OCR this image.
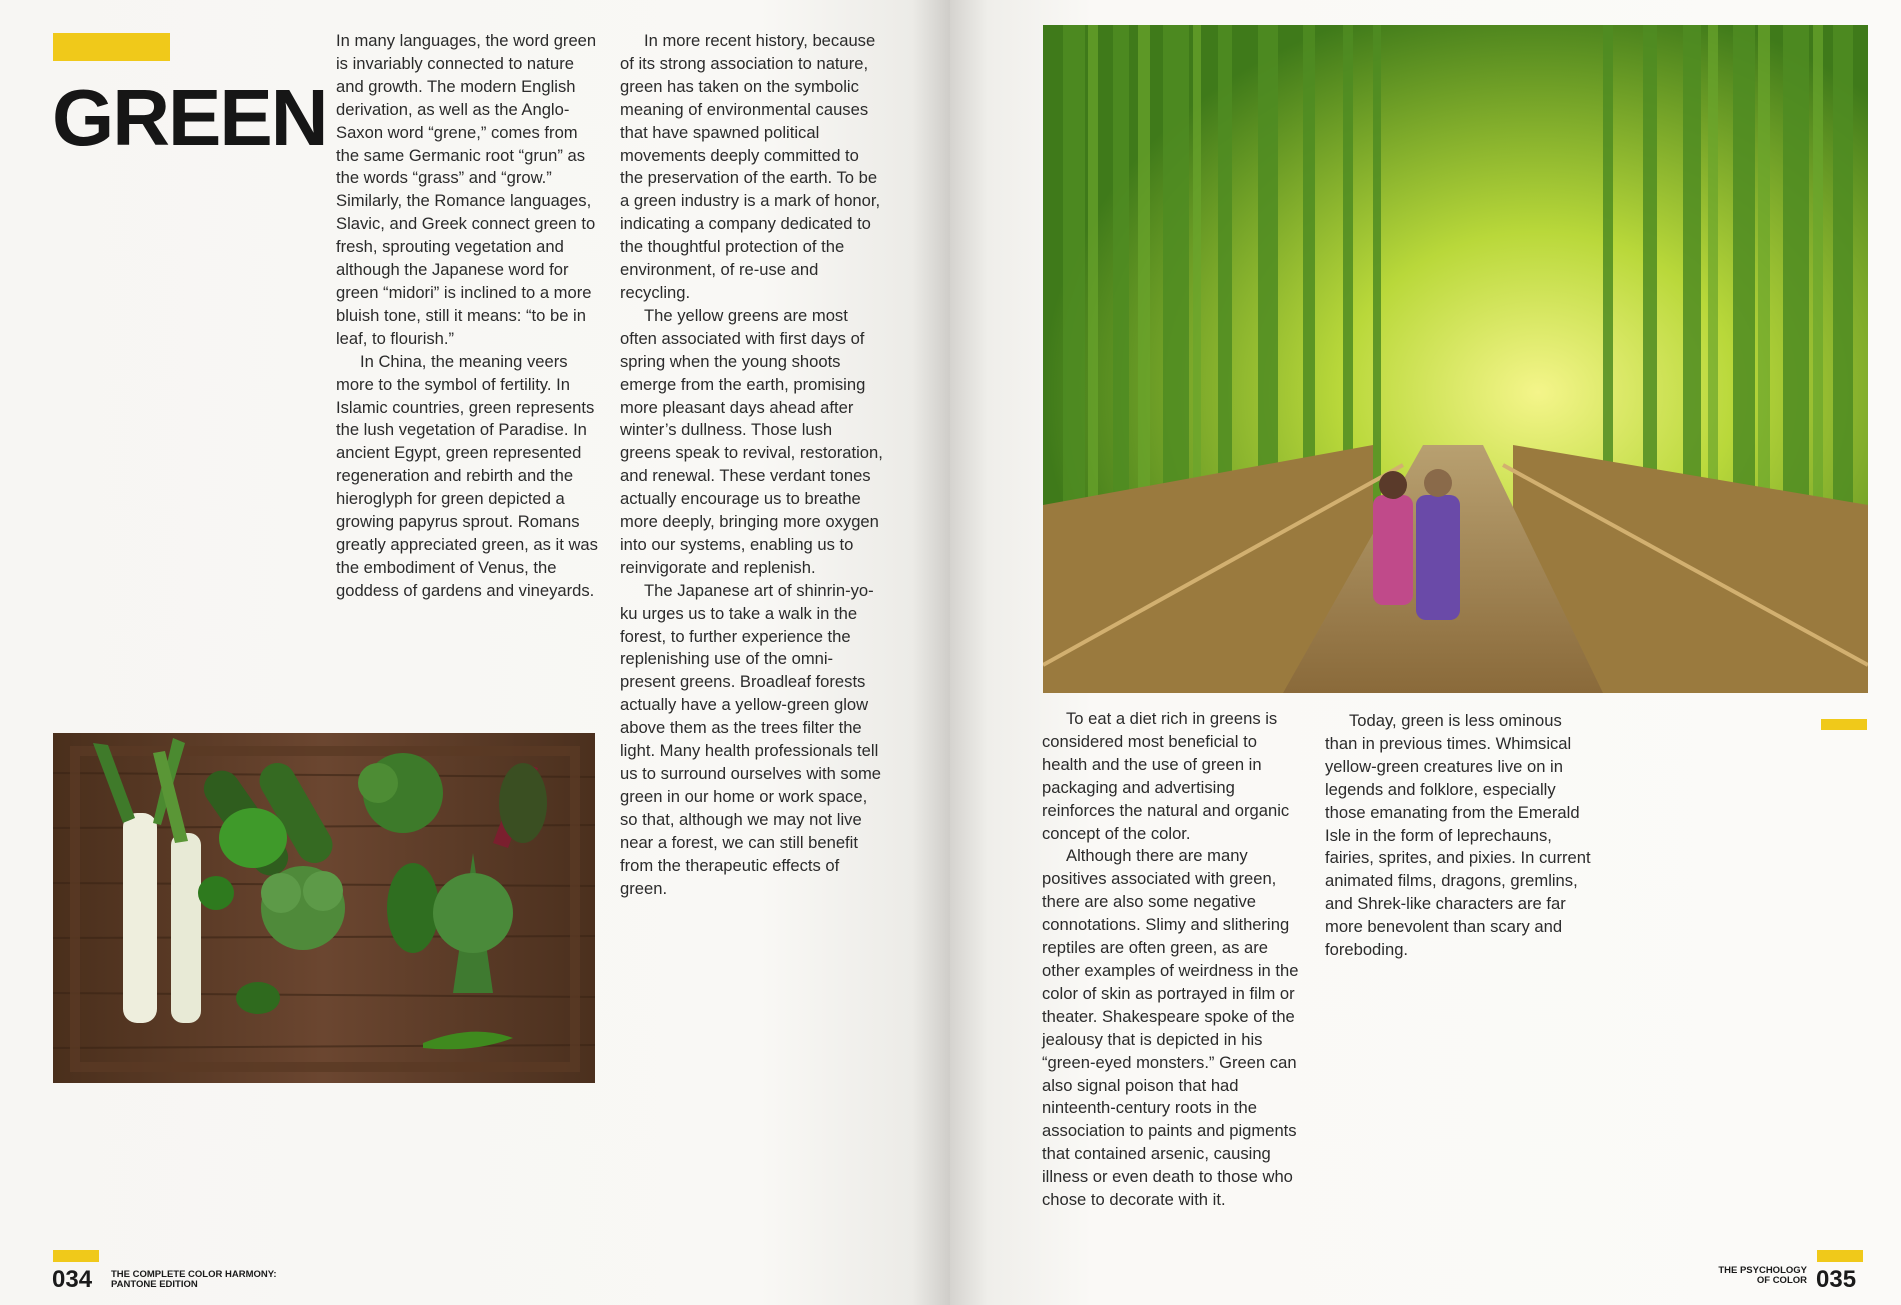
GREEN

In many languages, the word green is invariably connected to nature and growth. The modern English derivation, as well as the Anglo-Saxon word “grene,” comes from the same Germanic root “grun” as the words “grass” and “grow.” Similarly, the Romance languages, Slavic, and Greek connect green to fresh, sprouting vegetation and although the Japanese word for green “midori” is inclined to a more bluish tone, still it means: “to be in leaf, to flourish.”

In China, the meaning veers more to the symbol of fertility. In Islamic countries, green represents the lush vegetation of Paradise. In ancient Egypt, green represented regeneration and rebirth and the hieroglyph for green depicted a growing papyrus sprout. Romans greatly appreciated green, as it was the embodiment of Venus, the goddess of gardens and vineyards.

In more recent history, because of its strong association to nature, green has taken on the symbolic meaning of environmental causes that have spawned political movements deeply committed to the preservation of the earth. To be a green industry is a mark of honor, indicating a company dedicated to the thoughtful protection of the environment, of re-use and recycling.

The yellow greens are most often associated with first days of spring when the young shoots emerge from the earth, promising more pleasant days ahead after winter’s dullness. Those lush greens speak to revival, restoration, and renewal. These verdant tones actually encourage us to breathe more deeply, bringing more oxygen into our systems, enabling us to reinvigorate and replenish.

The Japanese art of shinrin-yo-ku urges us to take a walk in the forest, to further experience the replenishing use of the omni-present greens. Broadleaf forests actually have a yellow-green glow above them as the trees filter the light. Many health professionals tell us to surround ourselves with some green in our home or work space, so that, although we may not live near a forest, we can still benefit from the therapeutic effects of green.

034 THE COMPLETE COLOR HARMONY:
PANTONE EDITION

To eat a diet rich in greens is considered most beneficial to health and the use of green in packaging and advertising reinforces the natural and organic concept of the color.

Although there are many positives associated with green, there are also some negative connotations. Slimy and slithering reptiles are often green, as are other examples of weirdness in the color of skin as portrayed in film or theater. Shakespeare spoke of the jealousy that is depicted in his “green-eyed monsters.” Green can also signal poison that had ninteenth-century roots in the association to paints and pigments that contained arsenic, causing illness or even death to those who chose to decorate with it.

Today, green is less ominous than in previous times. Whimsical yellow-green creatures live on in legends and folklore, especially those emanating from the Emerald Isle in the form of leprechauns, fairies, sprites, and pixies. In current animated films, dragons, gremlins, and Shrek-like characters are far more benevolent than scary and foreboding.

THE PSYCHOLOGY
OF COLOR 035
